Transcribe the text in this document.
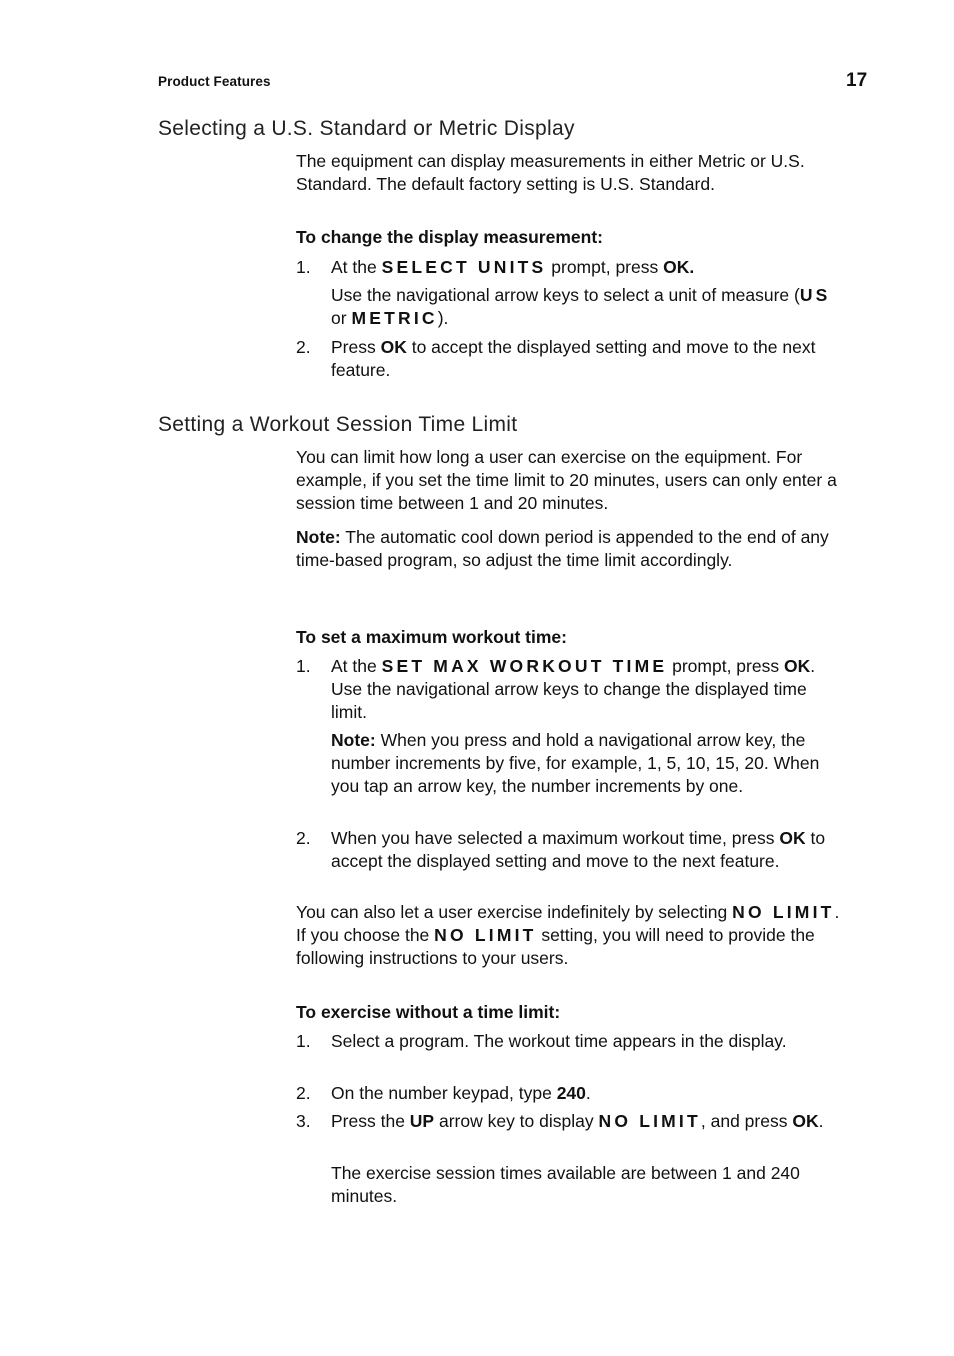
Product Features	17
Selecting a U.S. Standard or Metric Display

The equipment can display measurements in either Metric or U.S. Standard. The default factory setting is U.S. Standard.

To change the display measurement:
1. At the SELECT UNITS prompt, press OK.
Use the navigational arrow keys to select a unit of measure (US or METRIC).
2. Press OK to accept the displayed setting and move to the next feature.
Setting a Workout Session Time Limit

You can limit how long a user can exercise on the equipment. For example, if you set the time limit to 20 minutes, users can only enter a session time between 1 and 20 minutes.

Note: The automatic cool down period is appended to the end of any time-based program, so adjust the time limit accordingly.
To set a maximum workout time:
1. At the SET MAX WORKOUT TIME prompt, press OK. Use the navigational arrow keys to change the displayed time limit.
Note: When you press and hold a navigational arrow key, the number increments by five, for example, 1, 5, 10, 15, 20. When you tap an arrow key, the number increments by one.
2. When you have selected a maximum workout time, press OK to accept the displayed setting and move to the next feature.
You can also let a user exercise indefinitely by selecting NO LIMIT. If you choose the NO LIMIT setting, you will need to provide the following instructions to your users.
To exercise without a time limit:
1. Select a program. The workout time appears in the display.
2. On the number keypad, type 240.
3. Press the UP arrow key to display NO LIMIT, and press OK.
The exercise session times available are between 1 and 240 minutes.
